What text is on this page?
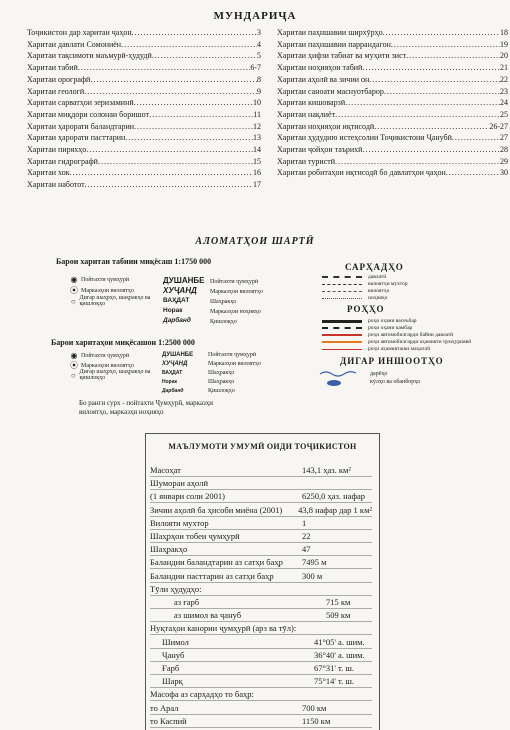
МУНДАРИҶА
Тоҷикистон дар харитаи ҷаҳон .....	3
Харитаи давлати Сомониён .....	4
Харитаи тақсимоти маъмурӣ-ҳудудӣ .....	5
Харитаи табиӣ .....	6-7
Харитаи орографӣ .....	8
Харитаи геологӣ .....	9
Харитаи сарватҳои зеризаминӣ .....	10
Харитаи миқдори солонаи боришот .....	11
Харитаи ҳарорати баландтарин .....	12
Харитаи ҳарорати пасттарин .....	13
Харитаи пиряхҳо .....	14
Харитаи гидрографӣ .....	15
Харитаи хок .....	16
Харитаи наботот .....	17
Харитаи паҳншавии ширхӯрҳо .....	18
Харитаи паҳншавии паррандагон .....	19
Харитаи ҳифзи табиат ва муҳити зист .....	20
Харитаи ноҳияҳои табиӣ .....	21
Харитаи аҳолӣ ва зичии он .....	22
Харитаи саноати маснуотбарор .....	23
Харитаи кишоварзӣ .....	24
Харитаи нақлиёт .....	25
Харитаи ноҳияҳои иқтисодӣ .....	26-27
Харитаи ҳудудию истеҳсолии Тоҷикистони Ҷанубӣ .....	27
Харитаи ҷойҳои таърихӣ .....	28
Харитаи туристӣ .....	29
Харитаи робитаҳои иқтисодӣ бо давлатҳои ҷаҳон .....	30
АЛОМАТҲОИ ШАРТӢ
Барои харитаи табиии миқёсаш 1:1750 000
◉ Пойтахти ҷумҳурӣ
⦿ Марказҳои вилоятҳо
○ Дигар шаҳрҳо, шаҳракҳо ва қишлоқҳо
ДУШАНБЕ
ХУҶАНД
ВАҲДАТ
Норак
Дарбанд
Пойтахти ҷумҳурӣ
Марказҳои вилоятҳо
Шаҳракҳо
Марказҳои ноҳияҳо
Қишлоқҳо
Барои харитаҳои миқёсашон 1:2500 000
◉ Пойтахти ҷумҳурӣ
⦿ Марказҳои вилоятҳо
○ Дигар шаҳрҳо, шаҳракҳо ва қишлоқҳо
ДУШАНБЕ
ХУҶАНД
ВАҲДАТ
Норак
Дарбанд
Пойтахти ҷумҳурӣ
Марказҳои вилоятҳо
Шаҳракҳо
Шаҳракҳо
Қишлоқҳо
Бо ранги сурх - пойтахти Ҷумҳурӣ, марказҳи вилоятҳо, марказҳи ноҳияҳо
САРҲАДҲО
давлатӣ
вилоятҳи мухтор
вилоятҳо
ноҳияҳо
РОҲҲО
роҳи оҳани васеъбар
роҳи оҳани камбар
роҳи автомобилгарди байни давлатӣ
роҳи автомобилгарди аҳамияти ҷумҳуриявӣ
роҳи аҳамияташи маҳаллӣ
ДИГАР ИНШООТҲО
дарёҳо
кӯлҳо ва обанборҳо
МАЪЛУМОТИ УМУМӢ ОИДИ ТОҶИКИСТОН
Масоҳат	143,1 ҳаз. км²
Шумораи аҳолӣ
(1 январи соли 2001)	6250,0 ҳаз. нафар
Зичии аҳолӣ ба ҳисоби миёна (2001)	43,8 нафар дар 1 км²
Вилояти мухтор	1
Шаҳрҳои тобеи ҷумҳурӣ	22
Шаҳракҳо	47
Баландии баландтарин аз сатҳи баҳр	7495 м
Баландии пасттарин аз сатҳи баҳр	300 м
Тӯли ҳудудҳо:
аз ғарб	715 км
аз шимол ва ҷануб	509 км
Нуқтаҳои канории ҷумҳурӣ (арз ва тӯл):
Шимол	41°05' а. шим.
Ҷануб	36°40' а. шим.
Ғарб	67°31' т. ш.
Шарқ	75°14' т. ш.
Масофа аз сарҳадҳо то баҳр:
то Арал	700 км
то Каспий	1150 км
